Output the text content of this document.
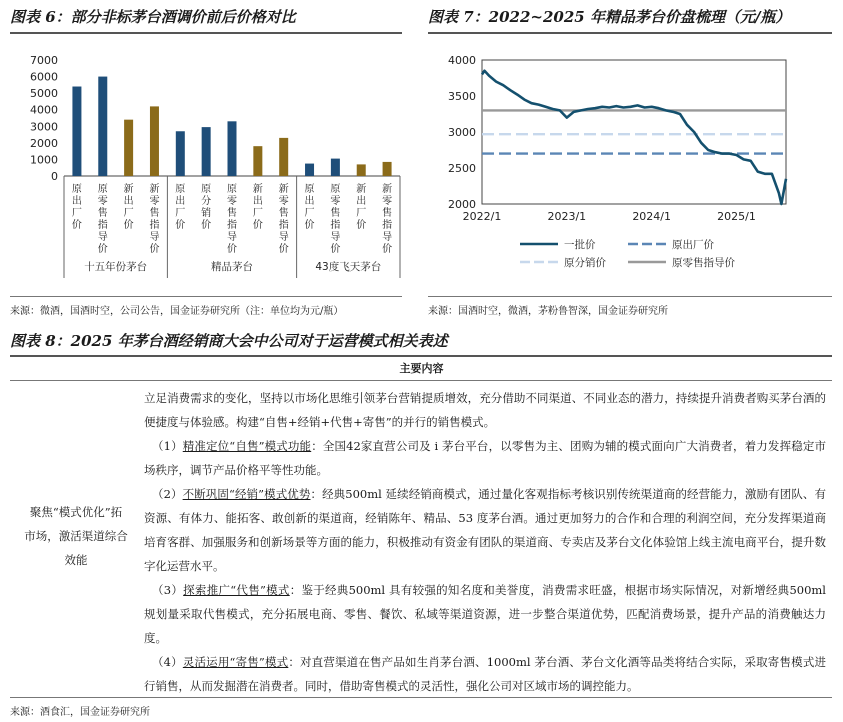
图表 6：部分非标茅台酒调价前后价格对比
0
1000
2000
3000
4000
5000
6000
7000
原
出
厂
价
原
零
售
指
导
价
新
出
厂
价
新
零
售
指
导
价
原
出
厂
价
原
分
销
价
原
零
售
指
导
价
新
出
厂
价
新
零
售
指
导
价
原
出
厂
价
原
零
售
指
导
价
新
出
厂
价
新
零
售
指
导
价
十五年份茅台	精品茅台	43度飞天茅台
来源：微酒，国酒时空，公司公告，国金证券研究所（注：单位均为元/瓶）
图表 7：2022~2025 年精品茅台价盘梳理（元/瓶）
2000
2500
3000
3500
4000
2022/1	2023/1	2024/1	2025/1
一批价	原出厂价
原分销价	原零售指导价
来源：国酒时空，微酒，茅粉鲁智深，国金证券研究所
图表 8：2025 年茅台酒经销商大会中公司对于运营模式相关表述
主要内容
聚焦“模式优化”拓
市场，激活渠道综合
效能
立足消费需求的变化，坚持以市场化思维引领茅台营销提质增效，充分借助不同渠道、不同业态的潜力，持续提升消费者购买茅台酒的便捷度与体验感。构建“自售+经销+代售+寄售”的并行的销售模式。
（1）精准定位“自售”模式功能：全国42家直营公司及 i 茅台平台，以零售为主、团购为辅的模式面向广大消费者，着力发挥稳定市场秩序，调节产品价格平等性功能。
（2）不断巩固“经销”模式优势：经典500ml 延续经销商模式，通过量化客观指标考核识别传统渠道商的经营能力，激励有团队、有资源、有体力、能拓客、敢创新的渠道商，经销陈年、精品、53 度茅台酒。通过更加努力的合作和合理的利润空间，充分发挥渠道商培育客群、加强服务和创新场景等方面的能力，积极推动有资金有团队的渠道商、专卖店及茅台文化体验馆上线主流电商平台，提升数字化运营水平。
（3）探索推广“代售”模式：鉴于经典500ml 具有较强的知名度和美誉度，消费需求旺盛，根据市场实际情况，对新增经典500ml 规划量采取代售模式，充分拓展电商、零售、餐饮、私域等渠道资源，进一步整合渠道优势，匹配消费场景，提升产品的消费触达力度。
（4）灵活运用“寄售”模式：对直营渠道在售产品如生肖茅台酒、1000ml 茅台酒、茅台文化酒等品类将结合实际，采取寄售模式进行销售，从而发掘潜在消费者。同时，借助寄售模式的灵活性，强化公司对区域市场的调控能力。
来源：酒食汇，国金证券研究所
